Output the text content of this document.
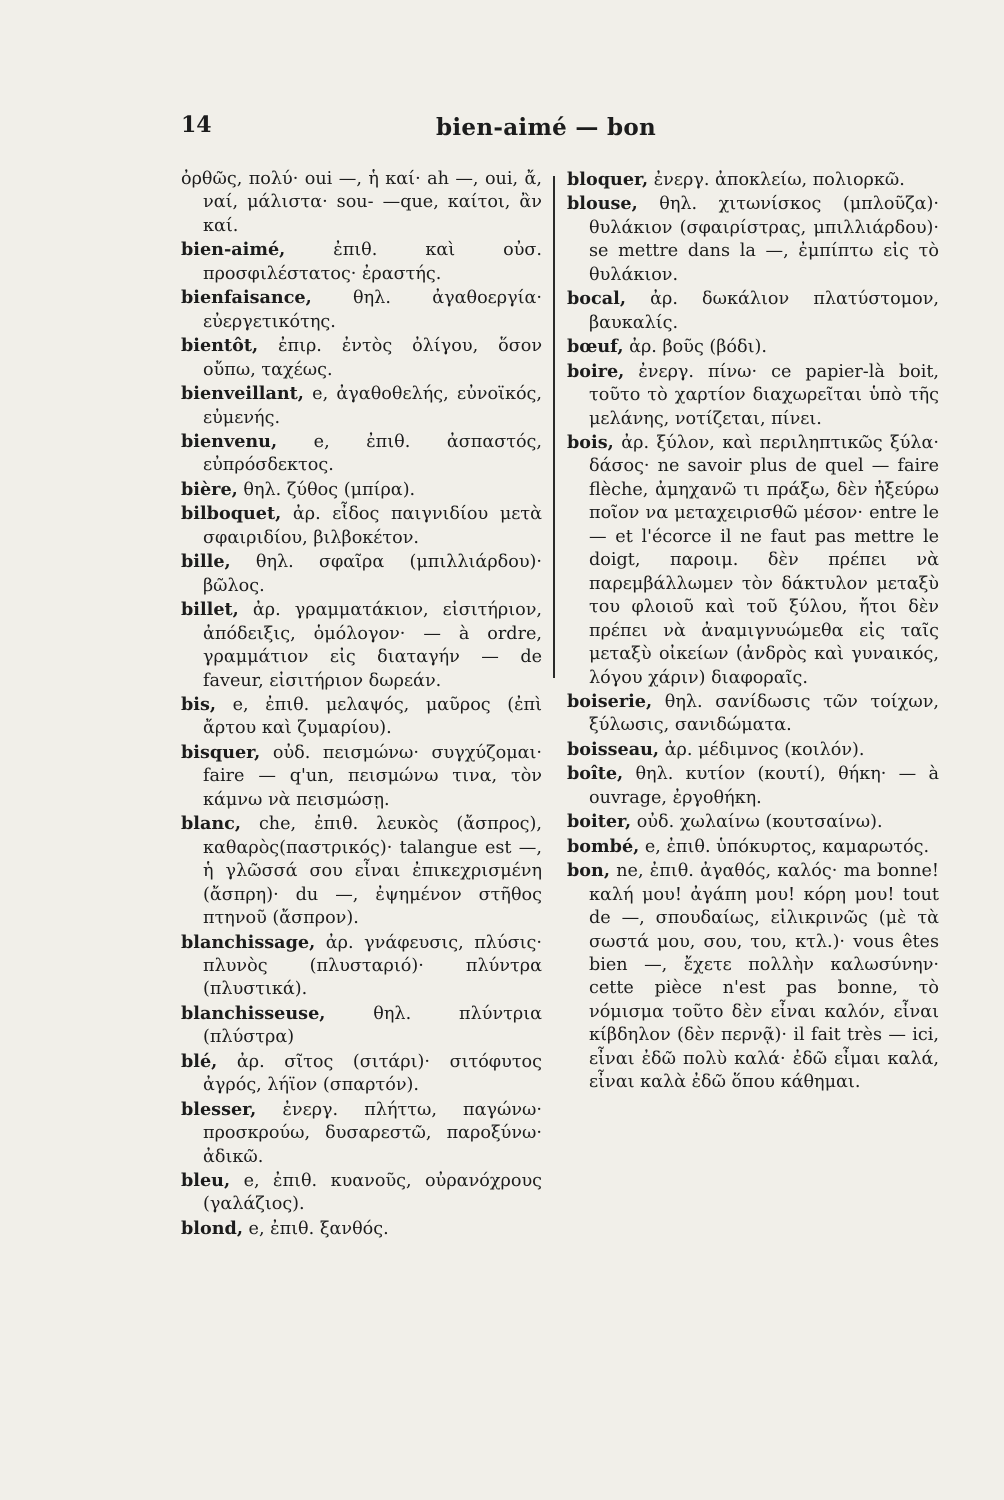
14	bien-aimé — bon

ὀρθῶς, πολύ· oui —, ἡ καί· ah —, oui, ἄ, ναί, μάλιστα· sou- —que, καίτοι, ἂν καί.

bien-aimé,	ἐπιθ. καὶ οὐσ. προσφιλέστατος· ἐραστής.

bienfaisance, θηλ. ἀγαθοεργία· εὐεργετικότης.

bientôt, ἐπιρ. ἐντὸς ὀλίγου, ὅσον οὔπω, ταχέως.

bienveillant, e, ἀγαθοθελής, εὐνοϊκός, εὐμενής.

bienvenu, e, ἐπιθ. ἀσπαστός, εὐπρόσδεκτος.

bière, θηλ. ζύθος (μπίρα).

bilboquet, ἀρ. εἶδος παιγνιδίου μετὰ σφαιριδίου, βιλβοκέτον.

bille, θηλ. σφαῖρα (μπιλλιάρδου)· βῶλος.

billet, ἀρ. γραμματάκιον, εἰσιτήριον, ἀπόδειξις, ὁμόλογον· — à ordre, γραμμάτιον εἰς διαταγήν — de faveur, εἰσιτήριον δωρεάν.

bis, e, ἐπιθ. μελαψός, μαῦρος (ἐπὶ ἄρτου καὶ ζυμαρίου).

bisquer, οὐδ. πεισμώνω· συγχύζομαι· faire — q'un, πεισμώνω τινα, τὸν κάμνω νὰ πεισμώσῃ.

blanc, che, ἐπιθ. λευκὸς (ἄσπρος), καθαρὸς(παστρικός)· talangue est —, ἡ γλῶσσά σου εἶναι ἐπικεχρισμένη (ἄσπρη)· du —, ἐψημένον στῆθος πτηνοῦ (ἄσπρον).

blanchissage, ἀρ. γνάφευσις, πλύσις· πλυνὸς (πλυσταριό)· πλύντρα (πλυστικά).

blanchisseuse,	θηλ. πλύντρια (πλύστρα)

blé, ἀρ. σῖτος (σιτάρι)· σιτόφυτος ἀγρός, λήϊον (σπαρτόν).

blesser, ἐνεργ. πλήττω, παγώνω· προσκρούω, δυσαρεστῶ, παροξύνω· ἀδικῶ.

bleu, e, ἐπιθ. κυανοῦς, οὐρανόχρους (γαλάζιος).

blond, e, ἐπιθ. ξανθός.

bloquer, ἐνεργ. ἀποκλείω, πολιορκῶ.

blouse, θηλ. χιτωνίσκος (μπλοῦζα)· θυλάκιον (σφαιρίστρας, μπιλλιάρδου)· se mettre dans la —, ἐμπίπτω εἰς τὸ θυλάκιον.

bocal, ἀρ. δωκάλιον πλατύστομον, βαυκαλίς.

bœuf, ἀρ. βοῦς (βόδι).

boire, ἐνεργ. πίνω· ce papier-là boit, τοῦτο τὸ χαρτίον διαχωρεῖται ὑπὸ τῆς μελάνης, νοτίζεται, πίνει.

bois, ἀρ. ξύλον, καὶ περιληπτικῶς ξύλα· δάσος· ne savoir plus de quel — faire flèche, ἀμηχανῶ τι πράξω, δὲν ἠξεύρω ποῖον να μεταχειρισθῶ μέσον· entre le — et l'écorce il ne faut pas mettre le doigt, παροιμ. δὲν πρέπει νὰ παρεμβάλλωμεν τὸν δάκτυλον μεταξὺ του φλοιοῦ καὶ τοῦ ξύλου, ἤτοι δὲν πρέπει νὰ ἀναμιγνυώμεθα εἰς ταῖς μεταξὺ οἰκείων (ἀνδρὸς καὶ γυναικός, λόγου χάριν) διαφοραῖς.

boiserie, θηλ. σανίδωσις τῶν τοίχων, ξύλωσις, σανιδώματα.

boisseau, ἀρ. μέδιμνος (κοιλόν).

boîte, θηλ. κυτίον (κουτί), θήκη· — à ouvrage, ἐργοθήκη.

boiter, οὐδ. χωλαίνω (κουτσαίνω).

bombé, e, ἐπιθ. ὑπόκυρτος, καμαρωτός.

bon, ne, ἐπιθ. ἀγαθός, καλός· ma bonne! καλή μου! ἀγάπη μου! κόρη μου! tout de —, σπουδαίως, εἰλικρινῶς (μὲ τὰ σωστά μου, σου, του, κτλ.)· vous êtes bien —, ἔχετε πολλὴν καλωσύνην· cette pièce n'est pas bonne, τὸ νόμισμα τοῦτο δὲν εἶναι καλόν, εἶναι κίβδηλον (δὲν περνᾷ)· il fait très — ici, εἶναι ἐδῶ πολὺ καλά· ἐδῶ εἶμαι καλά, εἶναι καλὰ ἐδῶ ὅπου κάθημαι.
